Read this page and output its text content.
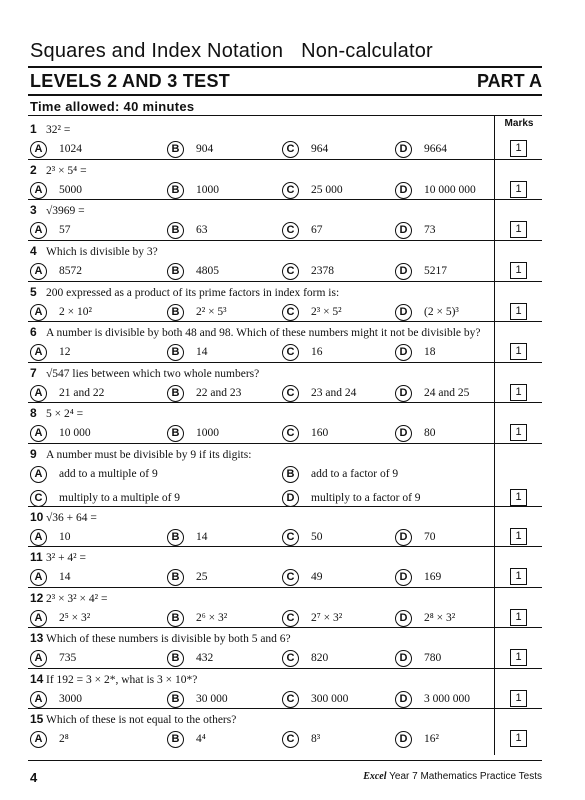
Squares and Index Notation Non-calculator
LEVELS 2 AND 3 TEST	PART A
Time allowed: 40 minutes
Marks
1 32² =
A 1024	B 904	C 964	D 9664	1
2 2³ × 5⁴ =
A 5000	B 1000	C 25 000	D 10 000 000	1
3 √3969 =
A 57	B 63	C 67	D 73	1
4 Which is divisible by 3?
A 8572	B 4805	C 2378	D 5217	1
5 200 expressed as a product of its prime factors in index form is:
A 2 × 10²	B 2² × 5³	C 2³ × 5²	D (2 × 5)³	1
6 A number is divisible by both 48 and 98. Which of these numbers might it not be divisible by?
A 12	B 14	C 16	D 18	1
7 √547 lies between which two whole numbers?
A 21 and 22	B 22 and 23	C 23 and 24	D 24 and 25	1
8 5 × 2⁴ =
A 10 000	B 1000	C 160	D 80	1
9 A number must be divisible by 9 if its digits:
A add to a multiple of 9	B add to a factor of 9
C multiply to a multiple of 9	D multiply to a factor of 9	1
10 √36 + 64 =
A 10	B 14	C 50	D 70	1
11 3² + 4² =
A 14	B 25	C 49	D 169	1
12 2³ × 3² × 4² =
A 2⁵ × 3²	B 2⁶ × 3²	C 2⁷ × 3²	D 2⁸ × 3²	1
13 Which of these numbers is divisible by both 5 and 6?
A 735	B 432	C 820	D 780	1
14 If 192 = 3 × 2*, what is 3 × 10*?
A 3000	B 30 000	C 300 000	D 3 000 000	1
15 Which of these is not equal to the others?
A 2⁸	B 4⁴	C 8³	D 16²	1
4	Excel Year 7 Mathematics Practice Tests
